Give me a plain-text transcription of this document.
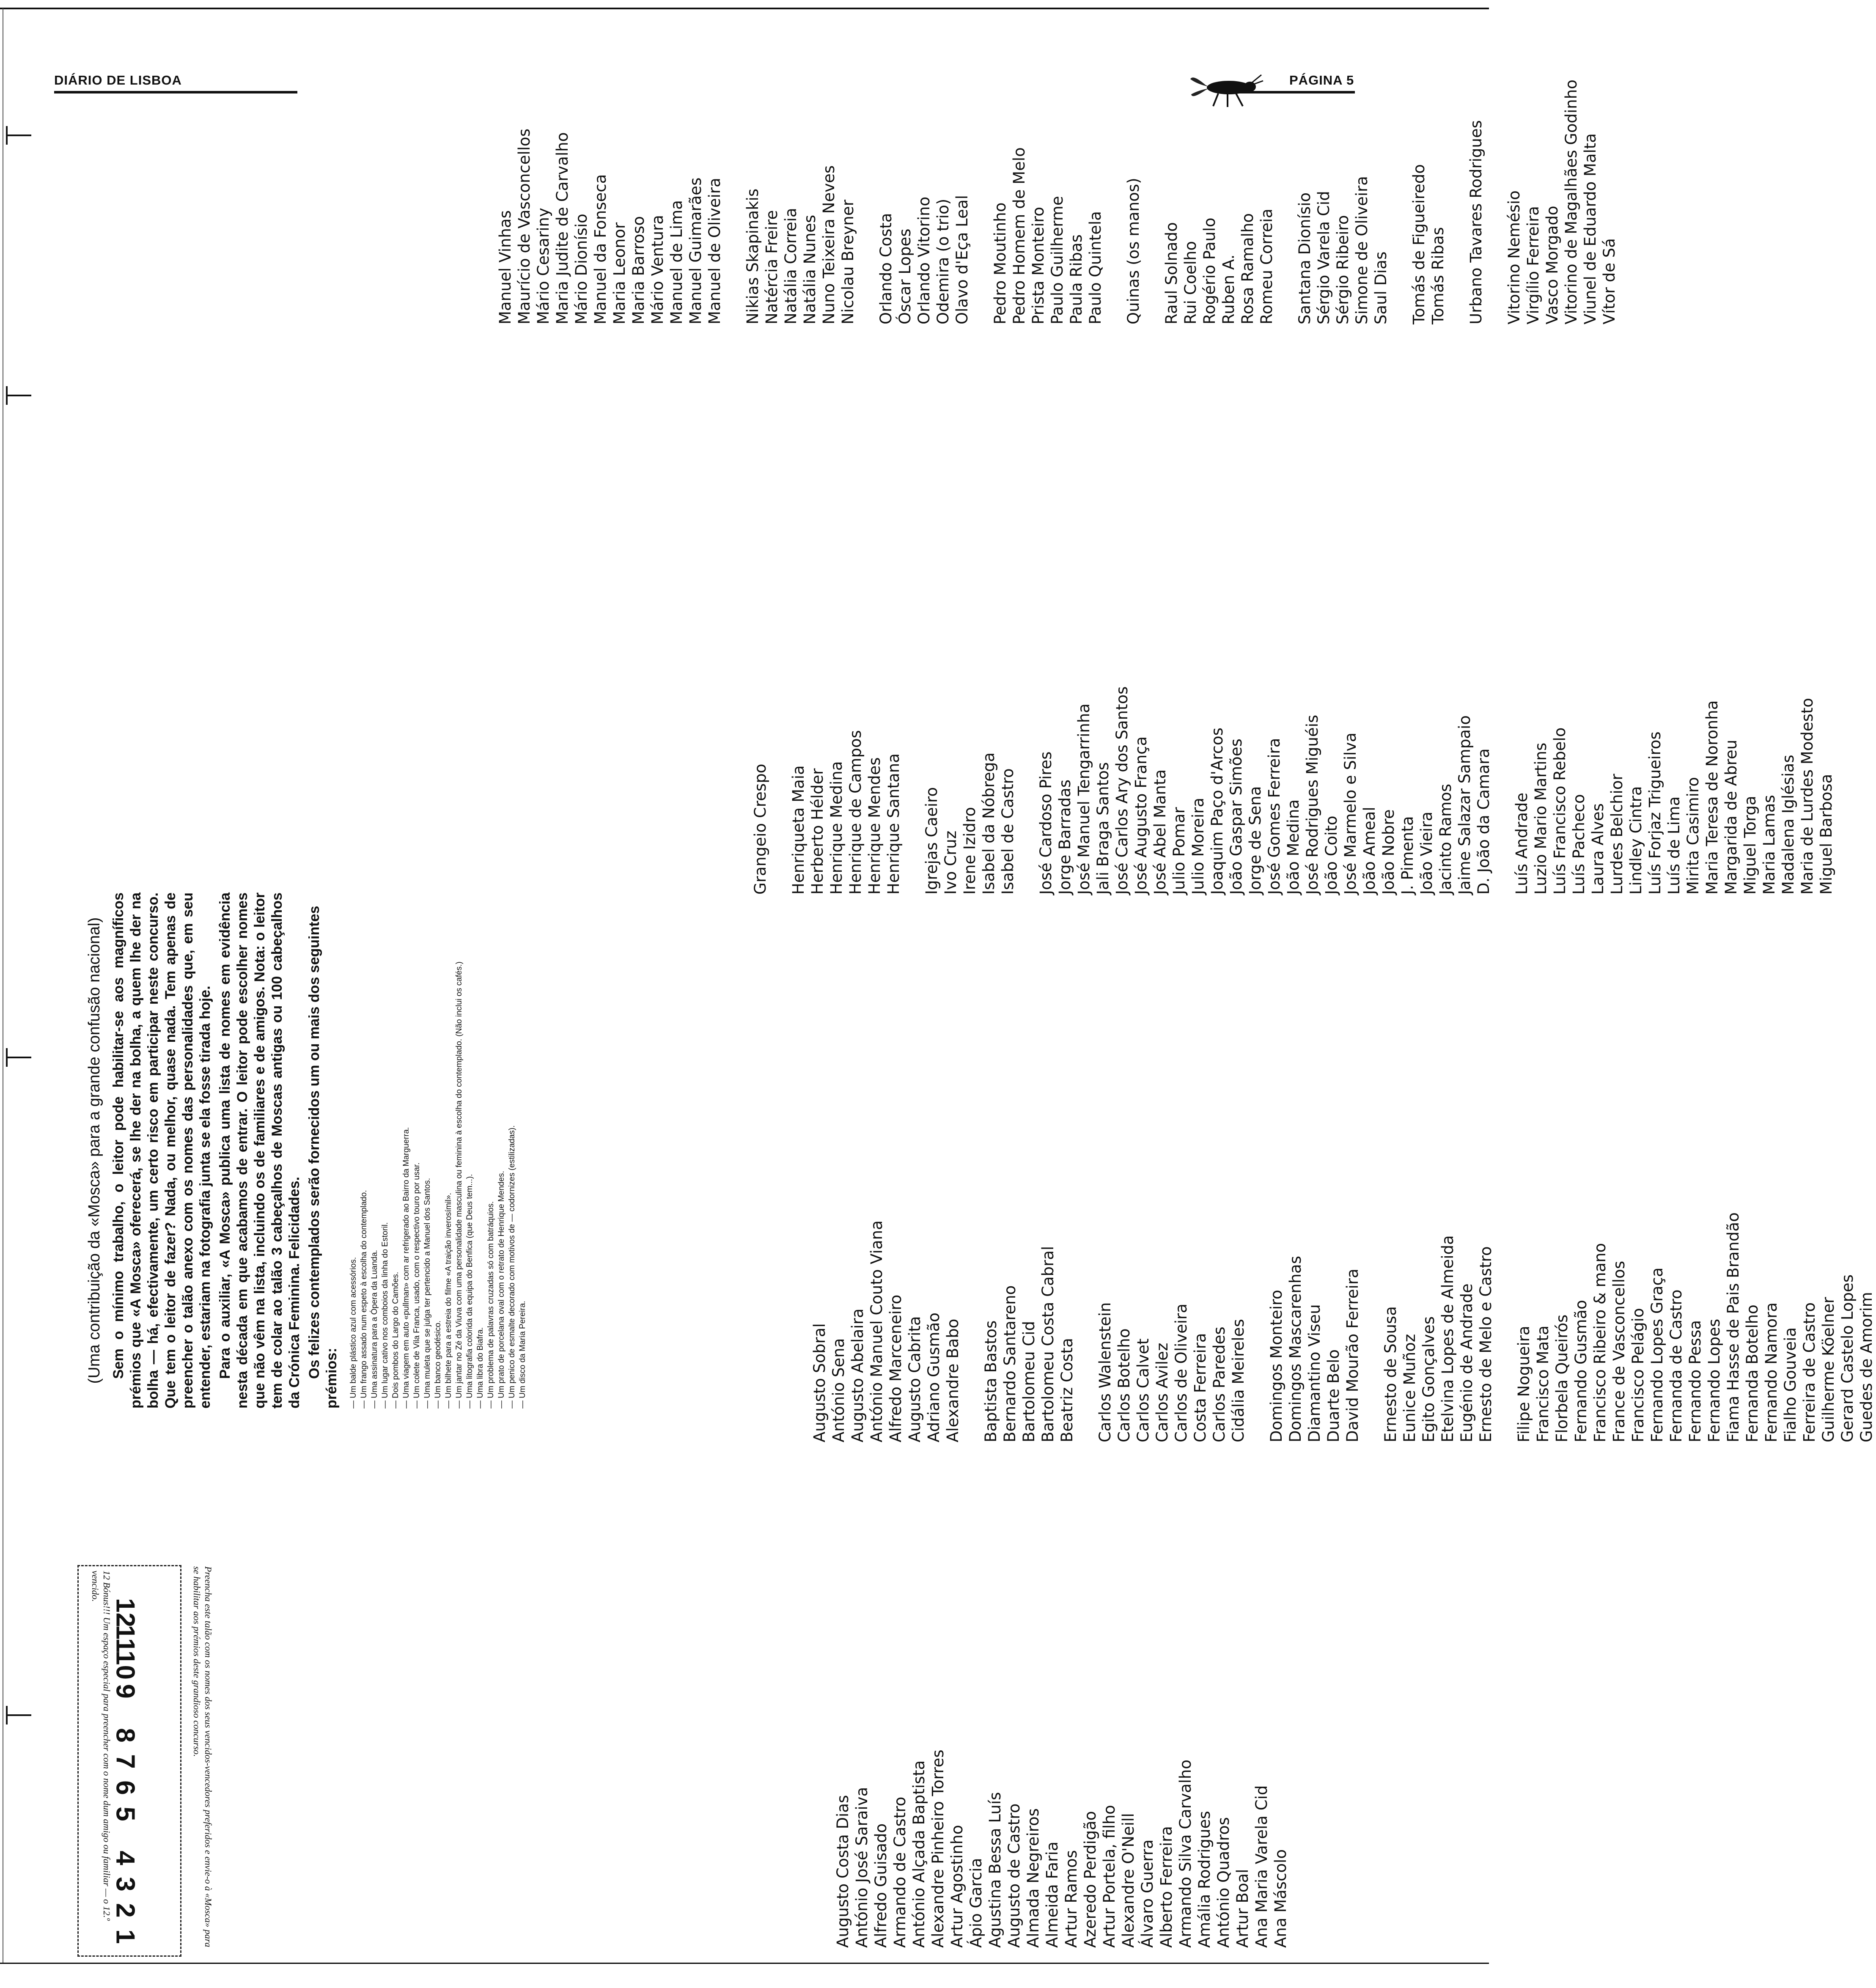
DIÁRIO DE LISBOA	PÁGINA 5
(Uma contribuição da «Mosca» para a grande confusão nacional) Sem o mínimo trabalho, o leitor pode habilitar-se aos magníficos prémios que «A Mosca» oferecerá, se lhe der na bolha, a quem lhe der na bolha — há, efectivamente, um certo risco em participar neste concurso. Que tem o leitor de fazer? Nada, ou melhor, quase nada. Tem apenas de preencher o talão anexo com os nomes das personalidades que, em seu entender, estariam na fotografia junta se ela fosse tirada hoje. Para o auxiliar, «A Mosca» publica uma lista de nomes em evidência nesta década em que acabamos de entrar. O leitor pode escolher nomes que não vêm na lista, incluindo os de familiares e de amigos. Nota: o leitor tem de colar ao talão 3 cabeçalhos de Moscas antigas ou 100 cabeçalhos da Crónica Feminina. Felicidades. Os felizes contemplados serão fornecidos um ou mais dos seguintes prémios: — Um balde plástico azul com acessórios. — Um frango assado num espeto à escolha do contemplado. — Uma assinatura para a Ópera da Luanda. — Um lugar cativo nos comboios da linha do Estoril. — Dois pombos do Largo do Camões. — Uma viagem em auto «pullman» com ar refrigerado ao Bairro da Marguerra. — Um colete de Vila Franca, usado, com o respectivo touro por usar. — Uma muleta que se julga ter pertencido a Manuel dos Santos. — Um banco geodésico. — Um bilhete para a estreia do filme «A traição inverosímil». — Um jantar no Zé da Viuva com uma personalidade masculina ou feminina à escolha do contemplado. (Não inclui os cafés.) — Uma litografia colorida da equipa do Benfica (que Deus tem...). — Uma libra do Biafra. — Um problema de palavras cruzadas só com batráquios. — Um prato de porcelana oval com o retrato de Henrique Mendes. — Um penico de esmalte decorado com motivos de — codornizes (estilizadas). — Um disco da Maria Pereira.
Augusto Costa Dias António José Saraiva Alfredo Guisado Armando de Castro António Alçada Baptista Alexandre Pinheiro Torres Artur Agostinho Ápio Garcia Agustina Bessa Luís Augusto de Castro Almada Negreiros Almeida Faria Artur Ramos Azeredo Perdigão Artur Portela, filho Alexandre O'Neill Álvaro Guerra Alberto Ferreira Armando Silva Carvalho Amália Rodrigues António Quadros Artur Boal Ana Maria Varela Cid Ana Máscolo
Augusto Sobral António Sena Augusto Abelaira António Manuel Couto Viana Alfredo Marceneiro Augusto Cabrita Adriano Gusmão Alexandre Babo Baptista Bastos Bernardo Santareno Bartolomeu Cid Bartolomeu Costa Cabral Beatriz Costa Carlos Walenstein Carlos Botelho Carlos Calvet Carlos Avilez Carlos de Oliveira Costa Ferreira Carlos Paredes Cidália Meireles Domingos Monteiro Domingos Mascarenhas Diamantino Viseu Duarte Belo David Mourão Ferreira Ernesto de Sousa Eunice Muñoz Egito Gonçalves Etelvina Lopes de Almeida Eugénio de Andrade Ernesto de Melo e Castro Filipe Nogueira Francisco Mata Florbela Queirós Fernando Gusmão Francisco Ribeiro & mano France de Vasconcellos Francisco Pelágio Fernando Lopes Graça Fernanda de Castro Fernando Pessa Fernando Lopes Fiama Hasse de Pais Brandão Fernanda Botelho Fernando Namora Fialho Gouveia Ferreira de Castro Guilherme Köelner Gerard Castelo Lopes Guedes de Amorim
Grangeio Crespo Henriqueta Maia Herberto Hélder Henrique Medina Henrique de Campos Henrique Mendes Henrique Santana Igrejas Caeiro Ivo Cruz Irene Izidro Isabel da Nóbrega Isabel de Castro José Cardoso Pires Jorge Barradas José Manuel Tengarrinha Jali Braga Santos José Carlos Ary dos Santos José Augusto França José Abel Manta Julio Pomar Julio Moreira Joaquim Paço d'Arcos João Gaspar Simões Jorge de Sena José Gomes Ferreira João Medina José Rodrigues Miguéis João Coito José Marmelo e Silva João Ameal João Nobre J. Pimenta João Vieira Jacinto Ramos Jaime Salazar Sampaio D. João da Camara Luís Andrade Luzio Mario Martins Luís Francisco Rebelo Luís Pacheco Laura Alves Lurdes Belchior Lindley Cintra Luís Forjaz Trigueiros Luís de Lima Mirita Casimiro Maria Teresa de Noronha Margarida de Abreu Miguel Torga Maria Lamas Madalena Iglésias Maria de Lurdes Modesto Miguel Barbosa
Manuel Vinhas Maurício de Vasconcellos Mário Cesariny Maria Judite de Carvalho Mário Dionísio Manuel da Fonseca Maria Leonor Maria Barroso Mário Ventura Manuel de Lima Manuel Guimarães Manuel de Oliveira Nikias Skapinakis Natércia Freire Natália Correia Natália Nunes Nuno Teixeira Neves Nicolau Breyner Orlando Costa Óscar Lopes Orlando Vitorino Odemira (o trio) Olavo d'Eça Leal Pedro Moutinho Pedro Homem de Melo Prista Monteiro Paulo Guilherme Paula Ribas Paulo Quintela Quinas (os manos) Raul Solnado Rui Coelho Rogério Paulo Ruben A. Rosa Ramalho Romeu Correia Santana Dionísio Sérgio Varela Cid Sérgio Ribeiro Simone de Oliveira Saul Dias Tomás de Figueiredo Tomás Ribas Urbano Tavares Rodrigues Vitorino Nemésio Virgílio Ferreira Vasco Morgado Vitorino de Magalhães Godinho Viunel de Eduardo Malta Vítor de Sá
Preencha este talão com os nomes dos seus vencidos-vencedores preferidos e envie-o à «Mosca» para se habilitar aos prémios deste grandioso concurso.
1
2
3
4
5
6
7
8
9
10
11
12
12 Bónus!!! Um espaço especial para preencher com o nome dum amigo ou familiar — o 12.º vencido.
